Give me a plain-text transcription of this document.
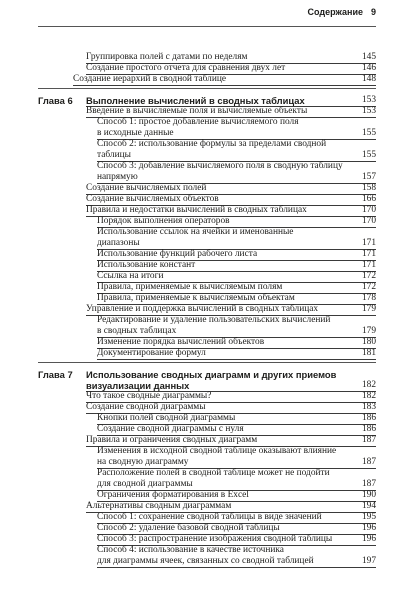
Содержание 9
Группировка полей с датами по неделям	145
Создание простого отчета для сравнения двух лет	146
Создание иерархий в сводной таблице	148
Глава 6 Выполнение вычислений в сводных таблицах	153
Введение в вычисляемые поля и вычисляемые объекты	153
Способ 1: простое добавление вычисляемого поля
в исходные данные	155
Способ 2: использование формулы за пределами сводной
таблицы	155
Способ 3: добавление вычисляемого поля в сводную таблицу
напрямую	157
Создание вычисляемых полей	158
Создание вычисляемых объектов	166
Правила и недостатки вычислений в сводных таблицах	170
Порядок выполнения операторов	170
Использование ссылок на ячейки и именованные
диапазоны	171
Использование функций рабочего листа	171
Использование констант	171
Ссылка на итоги	172
Правила, применяемые к вычисляемым полям	172
Правила, применяемые к вычисляемым объектам	178
Управление и поддержка вычислений в сводных таблицах	179
Редактирование и удаление пользовательских вычислений
в сводных таблицах	179
Изменение порядка вычислений объектов	180
Документирование формул	181
Глава 7 Использование сводных диаграмм и других приемов
визуализации данных	182
Что такое сводные диаграммы?	182
Создание сводной диаграммы	183
Кнопки полей сводной диаграммы	186
Создание сводной диаграммы с нуля	186
Правила и ограничения сводных диаграмм	187
Изменения в исходной сводной таблице оказывают влияние
на сводную диаграмму	187
Расположение полей в сводной таблице может не подойти
для сводной диаграммы	187
Ограничения форматирования в Excel	190
Альтернативы сводным диаграммам	194
Способ 1: сохранение сводной таблицы в виде значений	195
Способ 2: удаление базовой сводной таблицы	196
Способ 3: распространение изображения сводной таблицы	196
Способ 4: использование в качестве источника
для диаграммы ячеек, связанных со сводной таблицей	197
